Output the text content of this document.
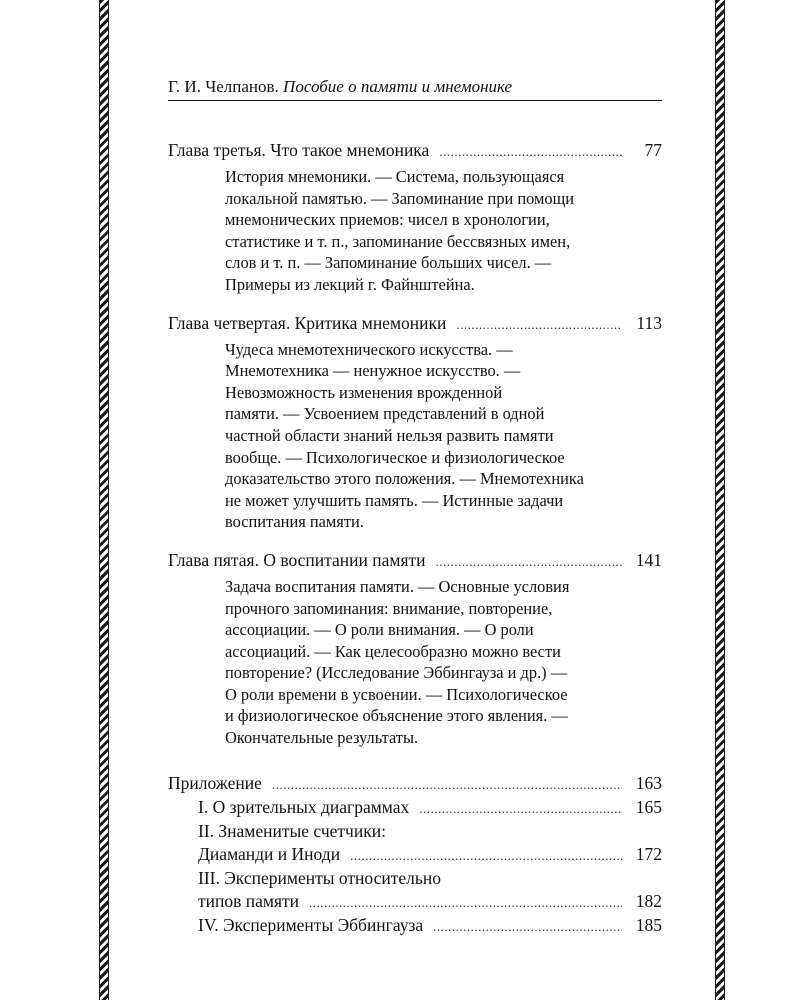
Г. И. Челпанов. Пособие о памяти и мнемонике
Глава третья. Что такое мнемоника .....	77
История мнемоники. — Система, пользующаяся
локальной памятью. — Запоминание при помощи
мнемонических приемов: чисел в хронологии,
статистике и т. п., запоминание бессвязных имен,
слов и т. п. — Запоминание больших чисел. —
Примеры из лекций г. Файнштейна.
Глава четвертая. Критика мнемоники .....	113
Чудеса мнемотехнического искусства. —
Мнемотехника — ненужное искусство. —
Невозможность изменения врожденной
памяти. — Усвоением представлений в одной
частной области знаний нельзя развить памяти
вообще. — Психологическое и физиологическое
доказательство этого положения. — Мнемотехника
не может улучшить память. — Истинные задачи
воспитания памяти.
Глава пятая. О воспитании памяти .....	141
Задача воспитания памяти. — Основные условия
прочного запоминания: внимание, повторение,
ассоциации. — О роли внимания. — О роли
ассоциаций. — Как целесообразно можно вести
повторение? (Исследование Эббингауза и др.) —
О роли времени в усвоении. — Психологическое
и физиологическое объяснение этого явления. —
Окончательные результаты.
Приложение .....	163
I. О зрительных диаграммах .....	165
II. Знаменитые счетчики:
Диаманди и Иноди .....	172
III. Эксперименты относительно
типов памяти .....	182
IV. Эксперименты Эббингауза .....	185
